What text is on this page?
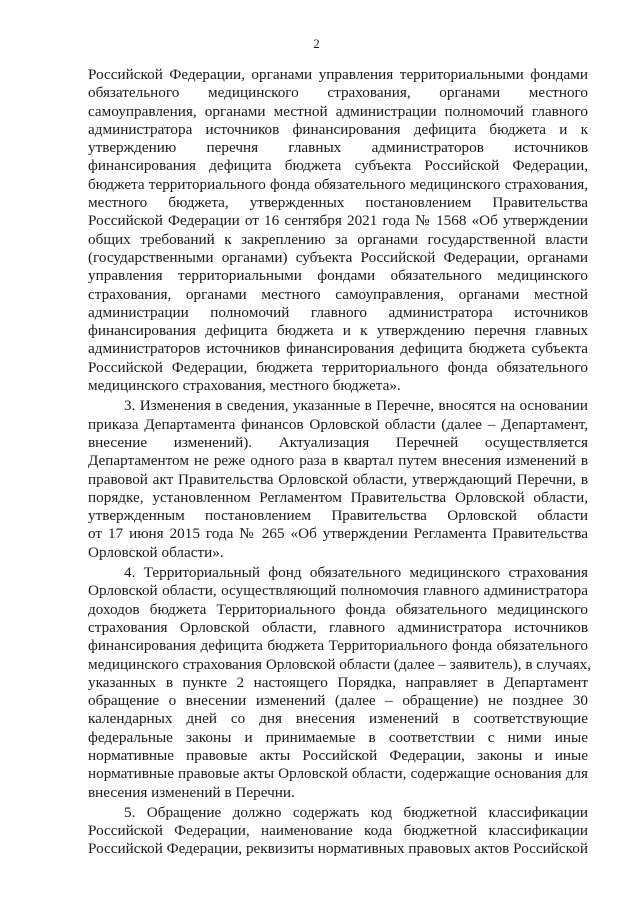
2
Российской Федерации, органами управления территориальными фондами
обязательного медицинского страхования, органами местного
самоуправления, органами местной администрации полномочий главного
администратора источников финансирования дефицита бюджета и к
утверждению перечня главных администраторов источников
финансирования дефицита бюджета субъекта Российской Федерации,
бюджета территориального фонда обязательного медицинского страхования,
местного бюджета, утвержденных постановлением Правительства
Российской Федерации от 16 сентября 2021 года № 1568 «Об утверждении
общих требований к закреплению за органами государственной власти
(государственными органами) субъекта Российской Федерации, органами
управления территориальными фондами обязательного медицинского
страхования, органами местного самоуправления, органами местной
администрации полномочий главного администратора источников
финансирования дефицита бюджета и к утверждению перечня главных
администраторов источников финансирования дефицита бюджета субъекта
Российской Федерации, бюджета территориального фонда обязательного
медицинского страхования, местного бюджета».
3. Изменения в сведения, указанные в Перечне, вносятся на основании
приказа Департамента финансов Орловской области (далее – Департамент,
внесение изменений). Актуализация Перечней осуществляется
Департаментом не реже одного раза в квартал путем внесения изменений в
правовой акт Правительства Орловской области, утверждающий Перечни, в
порядке, установленном Регламентом Правительства Орловской области,
утвержденным постановлением Правительства Орловской области
от 17 июня 2015 года № 265 «Об утверждении Регламента Правительства
Орловской области».
4. Территориальный фонд обязательного медицинского страхования
Орловской области, осуществляющий полномочия главного администратора
доходов бюджета Территориального фонда обязательного медицинского
страхования Орловской области, главного администратора источников
финансирования дефицита бюджета Территориального фонда обязательного
медицинского страхования Орловской области (далее – заявитель), в случаях,
указанных в пункте 2 настоящего Порядка, направляет в Департамент
обращение о внесении изменений (далее – обращение) не позднее 30
календарных дней со дня внесения изменений в соответствующие
федеральные законы и принимаемые в соответствии с ними иные
нормативные правовые акты Российской Федерации, законы и иные
нормативные правовые акты Орловской области, содержащие основания для
внесения изменений в Перечни.
5. Обращение должно содержать код бюджетной классификации
Российской Федерации, наименование кода бюджетной классификации
Российской Федерации, реквизиты нормативных правовых актов Российской
